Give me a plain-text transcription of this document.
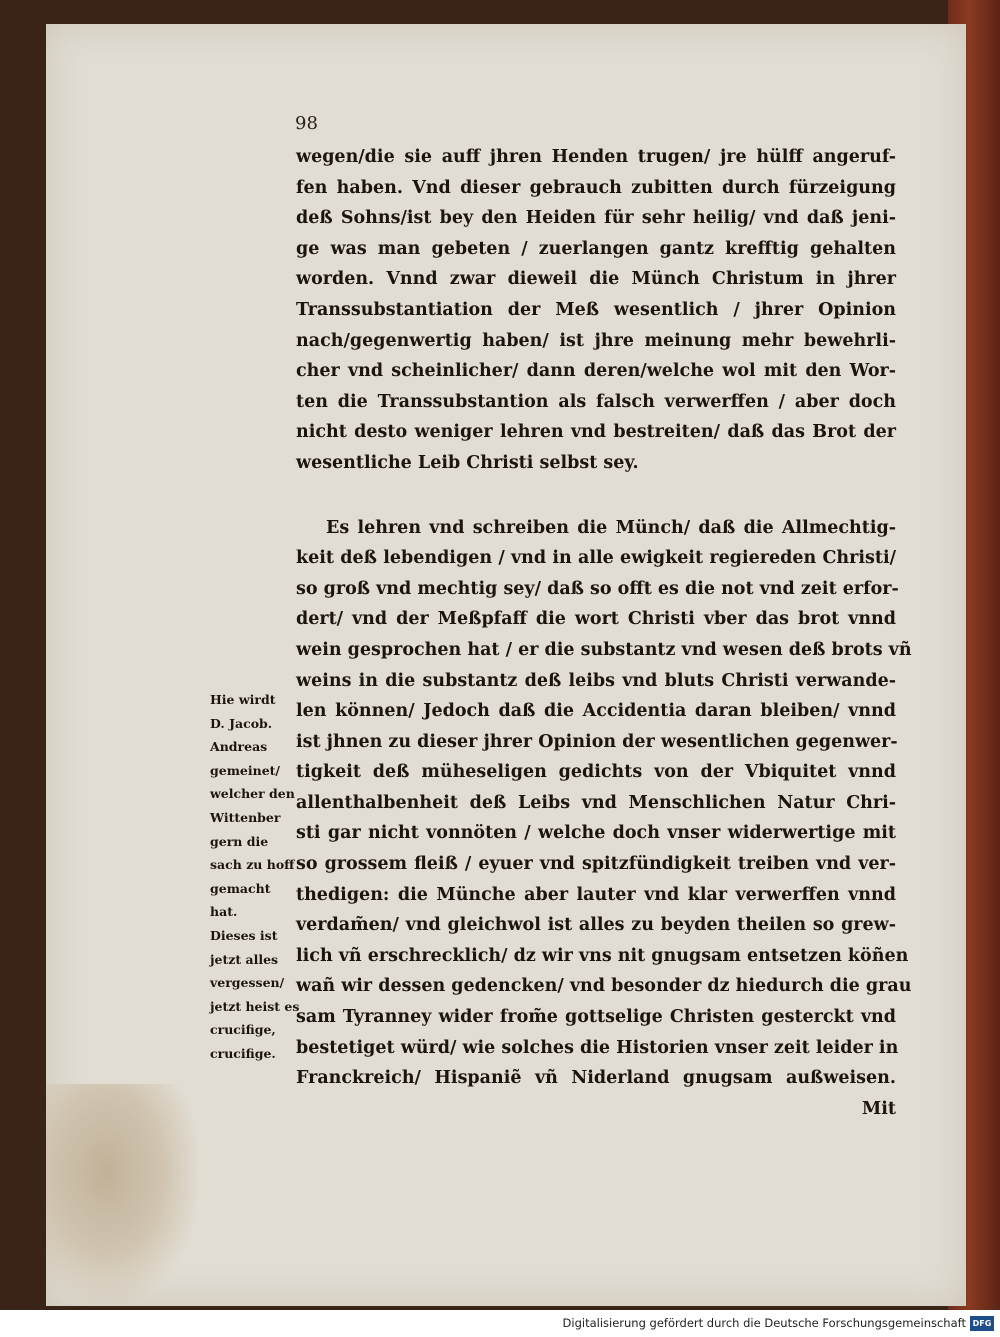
98
wegen/die sie auff jhren Henden trugen/ jre hülff angeruf-
fen haben. Vnd dieser gebrauch zubitten durch fürzeigung
deß Sohns/ist bey den Heiden für sehr heilig/ vnd daß jeni-
ge was man gebeten / zuerlangen gantz krefftig gehalten
worden. Vnnd zwar dieweil die Münch Christum in jhrer
Transsubstantiation der Meß wesentlich / jhrer Opinion
nach/gegenwertig haben/ ist jhre meinung mehr bewehrli-
cher vnd scheinlicher/ dann deren/welche wol mit den Wor-
ten die Transsubstantion als falsch verwerffen / aber doch
nicht desto weniger lehren vnd bestreiten/ daß das Brot der
wesentliche Leib Christi selbst sey.
Es lehren vnd schreiben die Münch/ daß die Allmechtig-
keit deß lebendigen / vnd in alle ewigkeit regiereden Christi/
so groß vnd mechtig sey/ daß so offt es die not vnd zeit erfor-
dert/ vnd der Meßpfaff die wort Christi vber das brot vnnd
wein gesprochen hat / er die substantz vnd wesen deß brots vñ
weins in die substantz deß leibs vnd bluts Christi verwande-
len können/ Jedoch daß die Accidentia daran bleiben/ vnnd
ist jhnen zu dieser jhrer Opinion der wesentlichen gegenwer-
tigkeit deß müheseligen gedichts von der Vbiquitet vnnd
allenthalbenheit deß Leibs vnd Menschlichen Natur Chri-
sti gar nicht vonnöten / welche doch vnser widerwertige mit
so grossem fleiß / eyuer vnd spitzfündigkeit treiben vnd ver-
thedigen: die Münche aber lauter vnd klar verwerffen vnnd
verdam̃en/ vnd gleichwol ist alles zu beyden theilen so grew-
lich vñ erschrecklich/ dz wir vns nit gnugsam entsetzen köñen
wañ wir dessen gedencken/ vnd besonder dz hiedurch die grau
sam Tyranney wider from̃e gottselige Christen gesterckt vnd
bestetiget würd/ wie solches die Historien vnser zeit leider in
Franckreich/ Hispaniẽ vñ Niderland gnugsam außweisen.
Mit
Hie wirdt
D. Jacob.
Andreas
gemeinet/
welcher den
Wittenber
gern die
sach zu hoff
gemacht
hat.
Dieses ist
jetzt alles
vergessen/
jetzt heist es
crucifige,
crucifige.
Digitalisierung gefördert durch die Deutsche Forschungsgemeinschaft DFG
